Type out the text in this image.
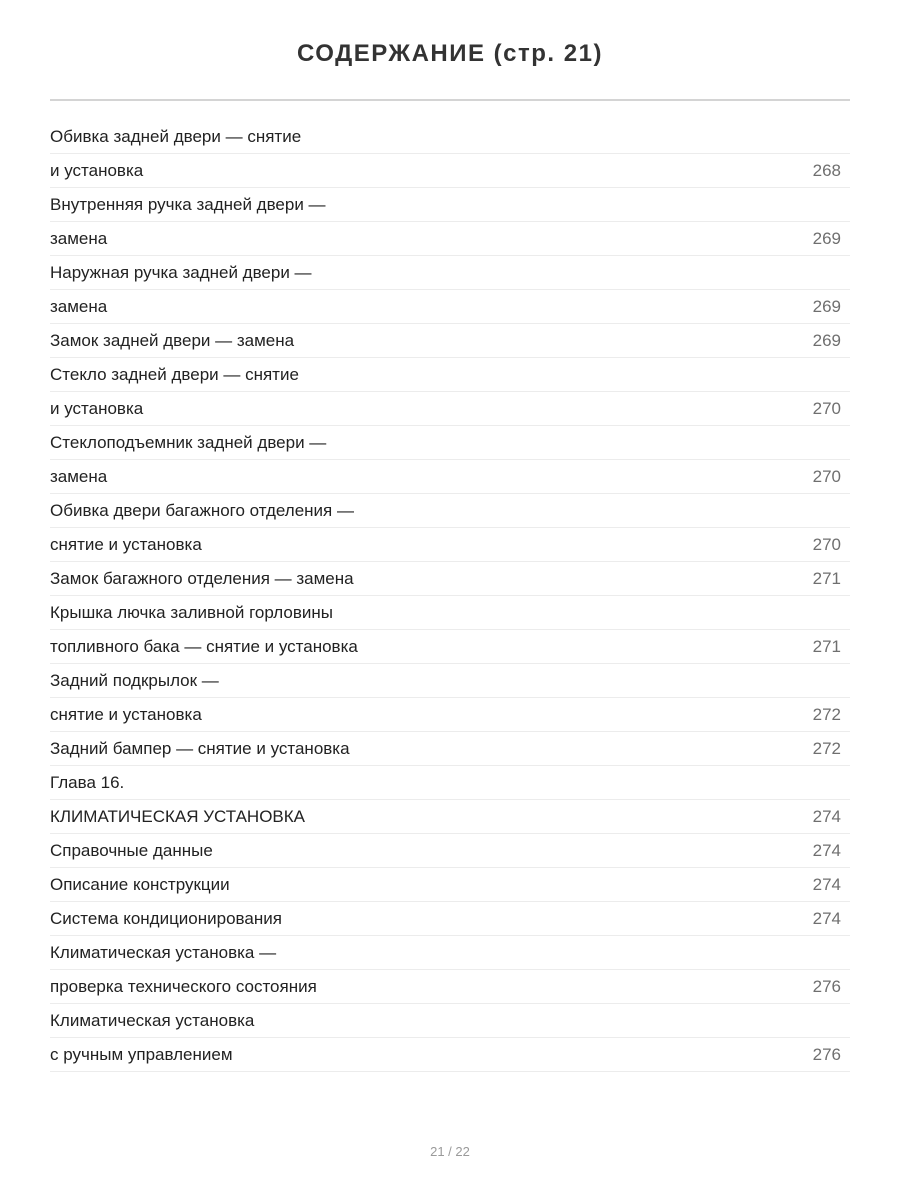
СОДЕРЖАНИЕ (стр. 21)
Обивка задней двери — снятие
и установка	268
Внутренняя ручка задней двери —
замена	269
Наружная ручка задней двери —
замена	269
Замок задней двери — замена	269
Стекло задней двери — снятие
и установка	270
Стеклоподъемник задней двери —
замена	270
Обивка двери багажного отделения —
снятие и установка	270
Замок багажного отделения — замена	271
Крышка лючка заливной горловины
топливного бака — снятие и установка	271
Задний подкрылок —
снятие и установка	272
Задний бампер — снятие и установка	272
Глава 16.
КЛИМАТИЧЕСКАЯ УСТАНОВКА	274
Справочные данные	274
Описание конструкции	274
Система кондиционирования	274
Климатическая установка —
проверка технического состояния	276
Климатическая установка
с ручным управлением	276
21 / 22
